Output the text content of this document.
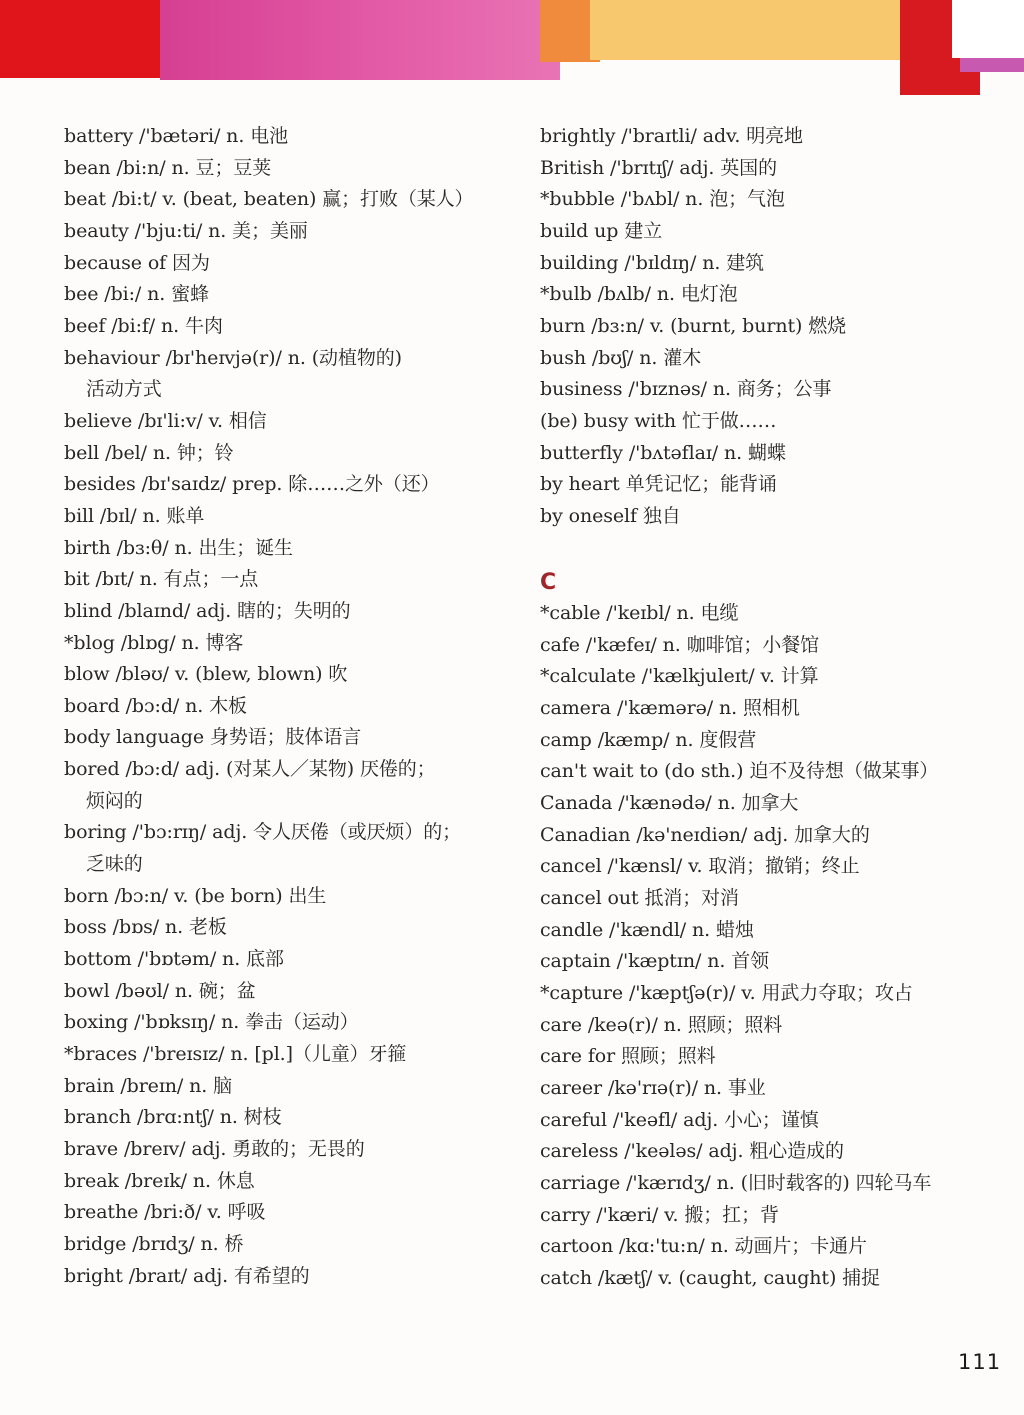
battery /'bætəri/ n. 电池
bean /bi:n/ n. 豆；豆荚
beat /bi:t/ v. (beat, beaten) 赢；打败（某人）
beauty /'bju:ti/ n. 美；美丽
because of 因为
bee /bi:/ n. 蜜蜂
beef /bi:f/ n. 牛肉
behaviour /bɪ'heɪvjə(r)/ n. (动植物的)
活动方式
believe /bɪ'li:v/ v. 相信
bell /bel/ n. 钟；铃
besides /bɪ'saɪdz/ prep. 除……之外（还）
bill /bɪl/ n. 账单
birth /bɜ:θ/ n. 出生；诞生
bit /bɪt/ n. 有点；一点
blind /blaɪnd/ adj. 瞎的；失明的
*blog /blɒg/ n. 博客
blow /bləʊ/ v. (blew, blown) 吹
board /bɔ:d/ n. 木板
body language 身势语；肢体语言
bored /bɔ:d/ adj. (对某人／某物) 厌倦的；
烦闷的
boring /'bɔ:rɪŋ/ adj. 令人厌倦（或厌烦）的；
乏味的
born /bɔ:n/ v. (be born) 出生
boss /bɒs/ n. 老板
bottom /'bɒtəm/ n. 底部
bowl /bəʊl/ n. 碗；盆
boxing /'bɒksɪŋ/ n. 拳击（运动）
*braces /'breɪsɪz/ n. [pl.]（儿童）牙箍
brain /breɪn/ n. 脑
branch /brɑ:ntʃ/ n. 树枝
brave /breɪv/ adj. 勇敢的；无畏的
break /breɪk/ n. 休息
breathe /bri:ð/ v. 呼吸
bridge /brɪdʒ/ n. 桥
bright /braɪt/ adj. 有希望的
brightly /'braɪtli/ adv. 明亮地
British /'brɪtɪʃ/ adj. 英国的
*bubble /'bʌbl/ n. 泡；气泡
build up 建立
building /'bɪldɪŋ/ n. 建筑
*bulb /bʌlb/ n. 电灯泡
burn /bɜ:n/ v. (burnt, burnt) 燃烧
bush /bʊʃ/ n. 灌木
business /'bɪznəs/ n. 商务；公事
(be) busy with 忙于做……
butterfly /'bʌtəflaɪ/ n. 蝴蝶
by heart 单凭记忆；能背诵
by oneself 独自
C
*cable /'keɪbl/ n. 电缆
cafe /'kæfeɪ/ n. 咖啡馆；小餐馆
*calculate /'kælkjuleɪt/ v. 计算
camera /'kæmərə/ n. 照相机
camp /kæmp/ n. 度假营
can't wait to (do sth.) 迫不及待想（做某事）
Canada /'kænədə/ n. 加拿大
Canadian /kə'neɪdiən/ adj. 加拿大的
cancel /'kænsl/ v. 取消；撤销；终止
cancel out 抵消；对消
candle /'kændl/ n. 蜡烛
captain /'kæptɪn/ n. 首领
*capture /'kæptʃə(r)/ v. 用武力夺取；攻占
care /keə(r)/ n. 照顾；照料
care for 照顾；照料
career /kə'rɪə(r)/ n. 事业
careful /'keəfl/ adj. 小心；谨慎
careless /'keələs/ adj. 粗心造成的
carriage /'kærɪdʒ/ n. (旧时载客的) 四轮马车
carry /'kæri/ v. 搬；扛；背
cartoon /kɑ:'tu:n/ n. 动画片；卡通片
catch /kætʃ/ v. (caught, caught) 捕捉
111
